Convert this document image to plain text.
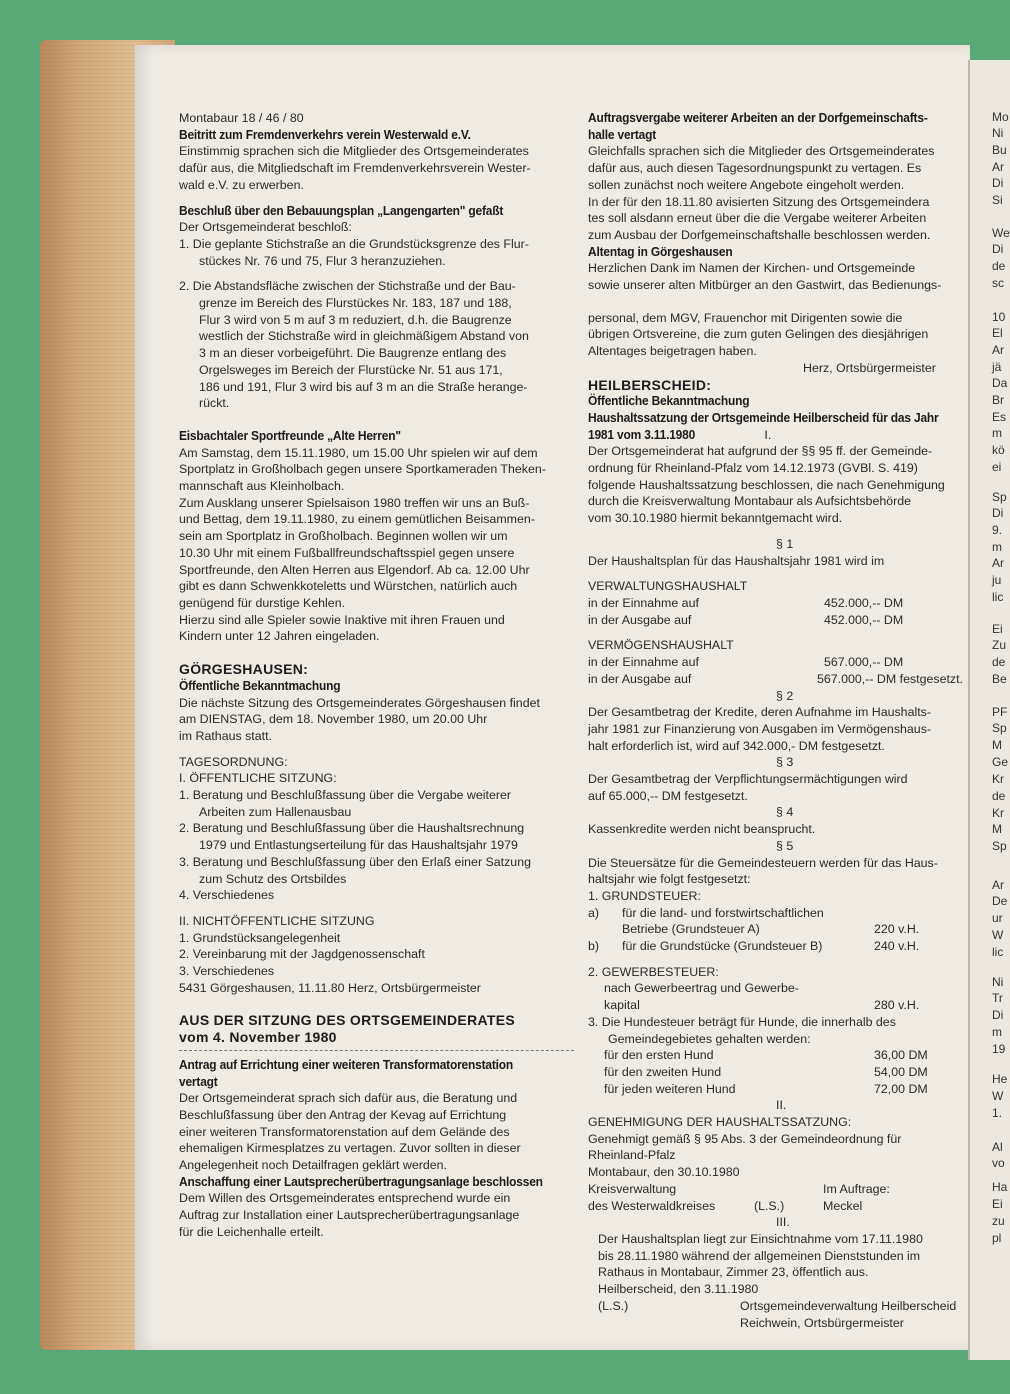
Mo
Ni
Bu
Ar
Di
Si
We
Di
de
sc
10
El
Ar
jä
Da
Br
Es
m
kö
ei
Sp
Di
9.
m
Ar
ju
lic
Ei
Zu
de
Be
PF
Sp
M
Ge
Kr
de
Kr
M
Sp
Ar
De
ur
W
lic
Ni
Tr
Di
m
19
He
W
1.
Al
vo
Ha
Ei
zu
pl
Montabaur 18 / 46 / 80
Beitritt zum Fremdenverkehrs verein Westerwald e.V.
Einstimmig sprachen sich die Mitglieder des Ortsgemeinderates
dafür aus, die Mitgliedschaft im Fremdenverkehrsverein Wester-
wald e.V. zu erwerben.
Beschluß über den Bebauungsplan „Langengarten" gefaßt
Der Ortsgemeinderat beschloß:
1. Die geplante Stichstraße an die Grundstücksgrenze des Flur-
stückes Nr. 76 und 75, Flur 3 heranzuziehen.
2. Die Abstandsfläche zwischen der Stichstraße und der Bau-
grenze im Bereich des Flurstückes Nr. 183, 187 und 188,
Flur 3 wird von 5 m auf 3 m reduziert, d.h. die Baugrenze
westlich der Stichstraße wird in gleichmäßigem Abstand von
3 m an dieser vorbeigeführt. Die Baugrenze entlang des
Orgelsweges im Bereich der Flurstücke Nr. 51 aus 171,
186 und 191, Flur 3 wird bis auf 3 m an die Straße herange-
rückt.
Eisbachtaler Sportfreunde „Alte Herren"
Am Samstag, dem 15.11.1980, um 15.00 Uhr spielen wir auf dem
Sportplatz in Großholbach gegen unsere Sportkameraden Theken-
mannschaft aus Kleinholbach.
Zum Ausklang unserer Spielsaison 1980 treffen wir uns an Buß-
und Bettag, dem 19.11.1980, zu einem gemütlichen Beisammen-
sein am Sportplatz in Großholbach. Beginnen wollen wir um
10.30 Uhr mit einem Fußballfreundschaftsspiel gegen unsere
Sportfreunde, den Alten Herren aus Elgendorf. Ab ca. 12.00 Uhr
gibt es dann Schwenkkoteletts und Würstchen, natürlich auch
genügend für durstige Kehlen.
Hierzu sind alle Spieler sowie Inaktive mit ihren Frauen und
Kindern unter 12 Jahren eingeladen.
GÖRGESHAUSEN:
Öffentliche Bekanntmachung
Die nächste Sitzung des Ortsgemeinderates Görgeshausen findet
am DIENSTAG, dem 18. November 1980, um 20.00 Uhr
im Rathaus statt.
TAGESORDNUNG:
I. ÖFFENTLICHE SITZUNG:
1. Beratung und Beschlußfassung über die Vergabe weiterer
Arbeiten zum Hallenausbau
2. Beratung und Beschlußfassung über die Haushaltsrechnung
1979 und Entlastungserteilung für das Haushaltsjahr 1979
3. Beratung und Beschlußfassung über den Erlaß einer Satzung
zum Schutz des Ortsbildes
4. Verschiedenes
II. NICHTÖFFENTLICHE SITZUNG
1. Grundstücksangelegenheit
2. Vereinbarung mit der Jagdgenossenschaft
3. Verschiedenes
5431 Görgeshausen, 11.11.80 Herz, Ortsbürgermeister
AUS DER SITZUNG DES ORTSGEMEINDERATES
vom 4. November 1980
Antrag auf Errichtung einer weiteren Transformatorenstation
vertagt
Der Ortsgemeinderat sprach sich dafür aus, die Beratung und
Beschlußfassung über den Antrag der Kevag auf Errichtung
einer weiteren Transformatorenstation auf dem Gelände des
ehemaligen Kirmesplatzes zu vertagen. Zuvor sollten in dieser
Angelegenheit noch Detailfragen geklärt werden.
Anschaffung einer Lautsprecherübertragungsanlage beschlossen
Dem Willen des Ortsgemeinderates entsprechend wurde ein
Auftrag zur Installation einer Lautsprecherübertragungsanlage
für die Leichenhalle erteilt.
Auftragsvergabe weiterer Arbeiten an der Dorfgemeinschafts-
halle vertagt
Gleichfalls sprachen sich die Mitglieder des Ortsgemeinderates
dafür aus, auch diesen Tagesordnungspunkt zu vertagen. Es
sollen zunächst noch weitere Angebote eingeholt werden.
In der für den 18.11.80 avisierten Sitzung des Ortsgemeindera
tes soll alsdann erneut über die die Vergabe weiterer Arbeiten
zum Ausbau der Dorfgemeinschaftshalle beschlossen werden.
Altentag in Görgeshausen
Herzlichen Dank im Namen der Kirchen- und Ortsgemeinde
sowie unserer alten Mitbürger an den Gastwirt, das Bedienungs-
personal, dem MGV, Frauenchor mit Dirigenten sowie die
übrigen Ortsvereine, die zum guten Gelingen des diesjährigen
Altentages beigetragen haben.
Herz, Ortsbürgermeister
HEILBERSCHEID:
Öffentliche Bekanntmachung
Haushaltssatzung der Ortsgemeinde Heilberscheid für das Jahr
1981 vom 3.11.1980	I.
Der Ortsgemeinderat hat aufgrund der §§ 95 ff. der Gemeinde-
ordnung für Rheinland-Pfalz vom 14.12.1973 (GVBl. S. 419)
folgende Haushaltssatzung beschlossen, die nach Genehmigung
durch die Kreisverwaltung Montabaur als Aufsichtsbehörde
vom 30.10.1980 hiermit bekanntgemacht wird.
§ 1
Der Haushaltsplan für das Haushaltsjahr 1981 wird im
VERWALTUNGSHAUSHALT
in der Einnahme auf	452.000,-- DM
in der Ausgabe auf	452.000,-- DM
VERMÖGENSHAUSHALT
in der Einnahme auf	567.000,-- DM
in der Ausgabe auf	567.000,-- DM festgesetzt.
§ 2
Der Gesamtbetrag der Kredite, deren Aufnahme im Haushalts-
jahr 1981 zur Finanzierung von Ausgaben im Vermögenshaus-
halt erforderlich ist, wird auf 342.000,- DM festgesetzt.
§ 3
Der Gesamtbetrag der Verpflichtungsermächtigungen wird
auf 65.000,-- DM festgesetzt.
§ 4
Kassenkredite werden nicht beansprucht.
§ 5
Die Steuersätze für die Gemeindesteuern werden für das Haus-
haltsjahr wie folgt festgesetzt:
1. GRUNDSTEUER:
a)	für die land- und forstwirtschaftlichen
Betriebe (Grundsteuer A)	220 v.H.
b)	für die Grundstücke (Grundsteuer B)	240 v.H.
2. GEWERBESTEUER:
nach Gewerbeertrag und Gewerbe-
kapital	280 v.H.
3. Die Hundesteuer beträgt für Hunde, die innerhalb des
Gemeindegebietes gehalten werden:
für den ersten Hund	36,00 DM
für den zweiten Hund	54,00 DM
für jeden weiteren Hund	72,00 DM
II.
GENEHMIGUNG DER HAUSHALTSSATZUNG:
Genehmigt gemäß § 95 Abs. 3 der Gemeindeordnung für
Rheinland-Pfalz
Montabaur, den 30.10.1980
Kreisverwaltung	Im Auftrage:
des Westerwaldkreises	(L.S.)	Meckel
III.
Der Haushaltsplan liegt zur Einsichtnahme vom 17.11.1980
bis 28.11.1980 während der allgemeinen Dienststunden im
Rathaus in Montabaur, Zimmer 23, öffentlich aus.
Heilberscheid, den 3.11.1980
(L.S.)	Ortsgemeindeverwaltung Heilberscheid
Reichwein, Ortsbürgermeister
